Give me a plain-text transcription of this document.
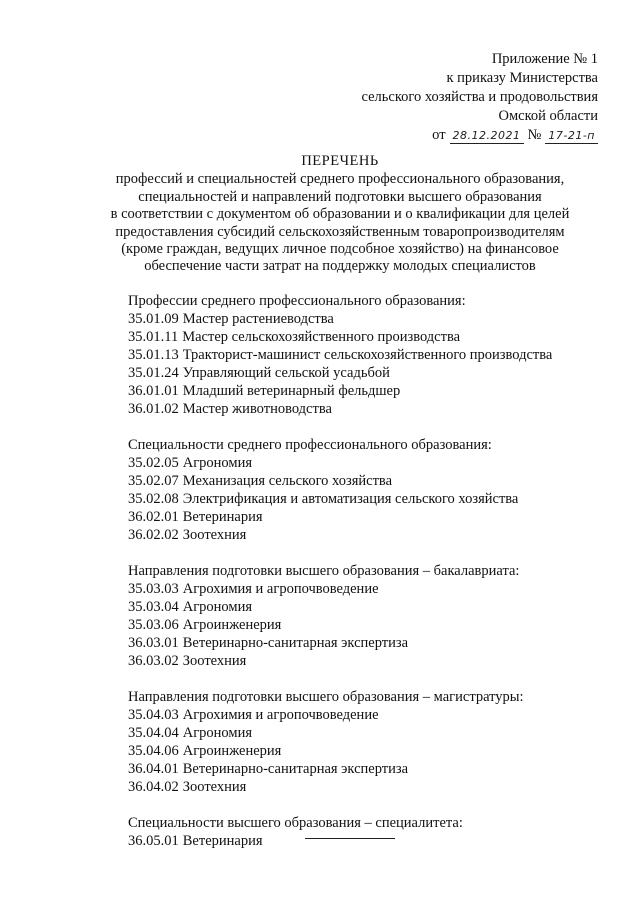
Приложение № 1
к приказу Министерства
сельского хозяйства и продовольствия
Омской области
от 28.12.2021 № 17-21-п
ПЕРЕЧЕНЬ
профессий и специальностей среднего профессионального образования,
специальностей и направлений подготовки высшего образования
в соответствии с документом об образовании и о квалификации для целей
предоставления субсидий сельскохозяйственным товаропроизводителям
(кроме граждан, ведущих личное подсобное хозяйство) на финансовое
обеспечение части затрат на поддержку молодых специалистов
Профессии среднего профессионального образования:
35.01.09 Мастер растениеводства
35.01.11 Мастер сельскохозяйственного производства
35.01.13 Тракторист-машинист сельскохозяйственного производства
35.01.24 Управляющий сельской усадьбой
36.01.01 Младший ветеринарный фельдшер
36.01.02 Мастер животноводства
Специальности среднего профессионального образования:
35.02.05 Агрономия
35.02.07 Механизация сельского хозяйства
35.02.08 Электрификация и автоматизация сельского хозяйства
36.02.01 Ветеринария
36.02.02 Зоотехния
Направления подготовки высшего образования – бакалавриата:
35.03.03 Агрохимия и агропочвоведение
35.03.04 Агрономия
35.03.06 Агроинженерия
36.03.01 Ветеринарно-санитарная экспертиза
36.03.02 Зоотехния
Направления подготовки высшего образования – магистратуры:
35.04.03 Агрохимия и агропочвоведение
35.04.04 Агрономия
35.04.06 Агроинженерия
36.04.01 Ветеринарно-санитарная экспертиза
36.04.02 Зоотехния
Специальности высшего образования – специалитета:
36.05.01 Ветеринария
